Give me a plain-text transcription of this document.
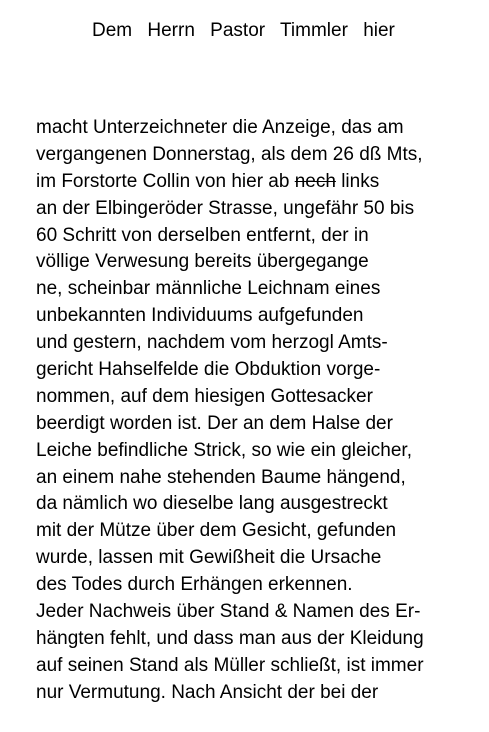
Dem Herrn Pastor Timmler hier
macht Unterzeichneter die Anzeige, das am
vergangenen Donnerstag, als dem 26 dß Mts,
im Forstorte Collin von hier ab nech links
an der Elbingeröder Strasse, ungefähr 50 bis
60 Schritt von derselben entfernt, der in
völlige Verwesung bereits übergegange
ne, scheinbar männliche Leichnam eines
unbekannten Individuums aufgefunden
und gestern, nachdem vom herzogl Amts-
gericht Hahselfelde die Obduktion vorge-
nommen, auf dem hiesigen Gottesacker
beerdigt worden ist. Der an dem Halse der
Leiche befindliche Strick, so wie ein gleicher,
an einem nahe stehenden Baume hängend,
da nämlich wo dieselbe lang ausgestreckt
mit der Mütze über dem Gesicht, gefunden
wurde, lassen mit Gewißheit die Ursache
des Todes durch Erhängen erkennen.
Jeder Nachweis über Stand & Namen des Er-
hängten fehlt, und dass man aus der Kleidung
auf seinen Stand als Müller schließt, ist immer
nur Vermutung. Nach Ansicht der bei der
